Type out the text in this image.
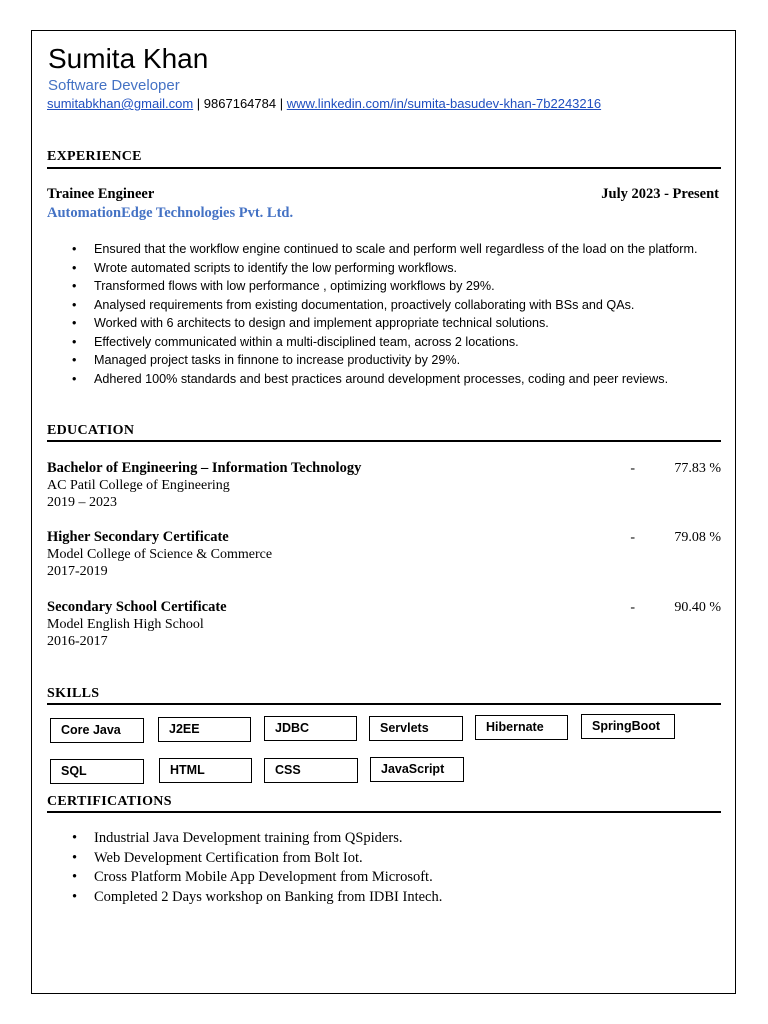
Sumita Khan
Software Developer
sumitabkhan@gmail.com | 9867164784 | www.linkedin.com/in/sumita-basudev-khan-7b2243216
EXPERIENCE
Trainee Engineer	July 2023 - Present
AutomationEdge Technologies Pvt. Ltd.
• Ensured that the workflow engine continued to scale and perform well regardless of the load on the platform.
• Wrote automated scripts to identify the low performing workflows.
• Transformed flows with low performance , optimizing workflows by 29%.
• Analysed requirements from existing documentation, proactively collaborating with BSs and QAs.
• Worked with 6 architects to design and implement appropriate technical solutions.
• Effectively communicated within a multi-disciplined team, across 2 locations.
• Managed project tasks in finnone to increase productivity by 29%.
• Adhered 100% standards and best practices around development processes, coding and peer reviews.
EDUCATION
Bachelor of Engineering – Information Technology
AC Patil College of Engineering
2019 – 2023
-	77.83 %
Higher Secondary Certificate
Model College of Science & Commerce
2017-2019
-	79.08 %
Secondary School Certificate
Model English High School
2016-2017
-	90.40 %
SKILLS
Core Java	J2EE	JDBC	Servlets	Hibernate	SpringBoot
SQL	HTML	CSS	JavaScript
CERTIFICATIONS
• Industrial Java Development training from QSpiders.
• Web Development Certification from Bolt Iot.
• Cross Platform Mobile App Development from Microsoft.
• Completed 2 Days workshop on Banking from IDBI Intech.
